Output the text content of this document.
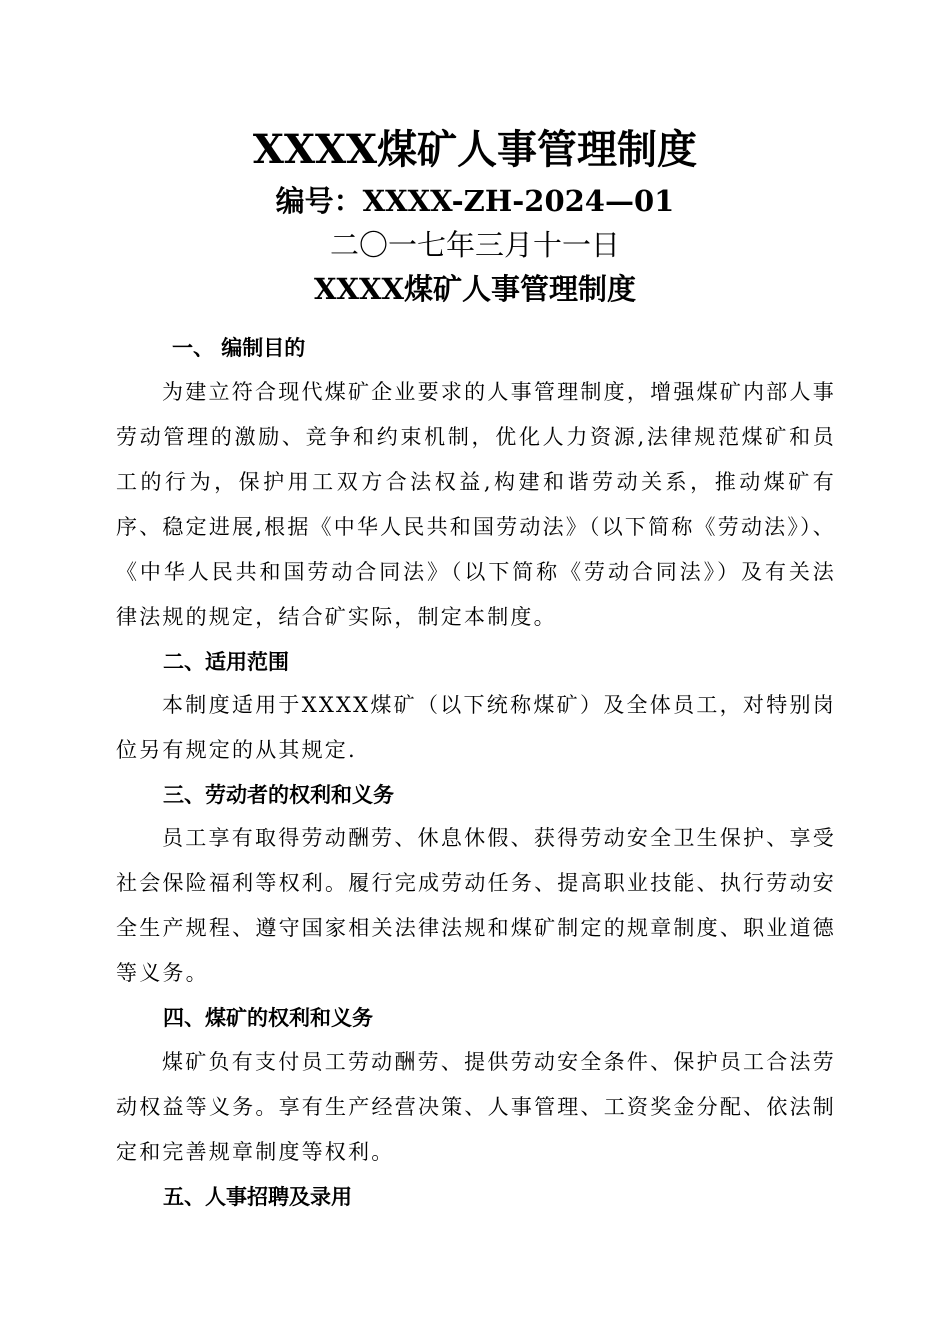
XXXX煤矿人事管理制度
编号：XXXX-ZH-2024—01
二〇一七年三月十一日
XXXX煤矿人事管理制度
一、 编制目的

为建立符合现代煤矿企业要求的人事管理制度，增强煤矿内部人事劳动管理的激励、竞争和约束机制，优化人力资源,法律规范煤矿和员工的行为，保护用工双方合法权益,构建和谐劳动关系，推动煤矿有序、稳定进展,根据《中华人民共和国劳动法》（以下简称《劳动法》）、《中华人民共和国劳动合同法》（以下简称《劳动合同法》）及有关法律法规的规定，结合矿实际，制定本制度。

二、适用范围

本制度适用于XXXX煤矿（以下统称煤矿）及全体员工，对特别岗位另有规定的从其规定.

三、劳动者的权利和义务

员工享有取得劳动酬劳、休息休假、获得劳动安全卫生保护、享受社会保险福利等权利。履行完成劳动任务、提高职业技能、执行劳动安全生产规程、遵守国家相关法律法规和煤矿制定的规章制度、职业道德等义务。

四、煤矿的权利和义务

煤矿负有支付员工劳动酬劳、提供劳动安全条件、保护员工合法劳动权益等义务。享有生产经营决策、人事管理、工资奖金分配、依法制定和完善规章制度等权利。

五、人事招聘及录用
